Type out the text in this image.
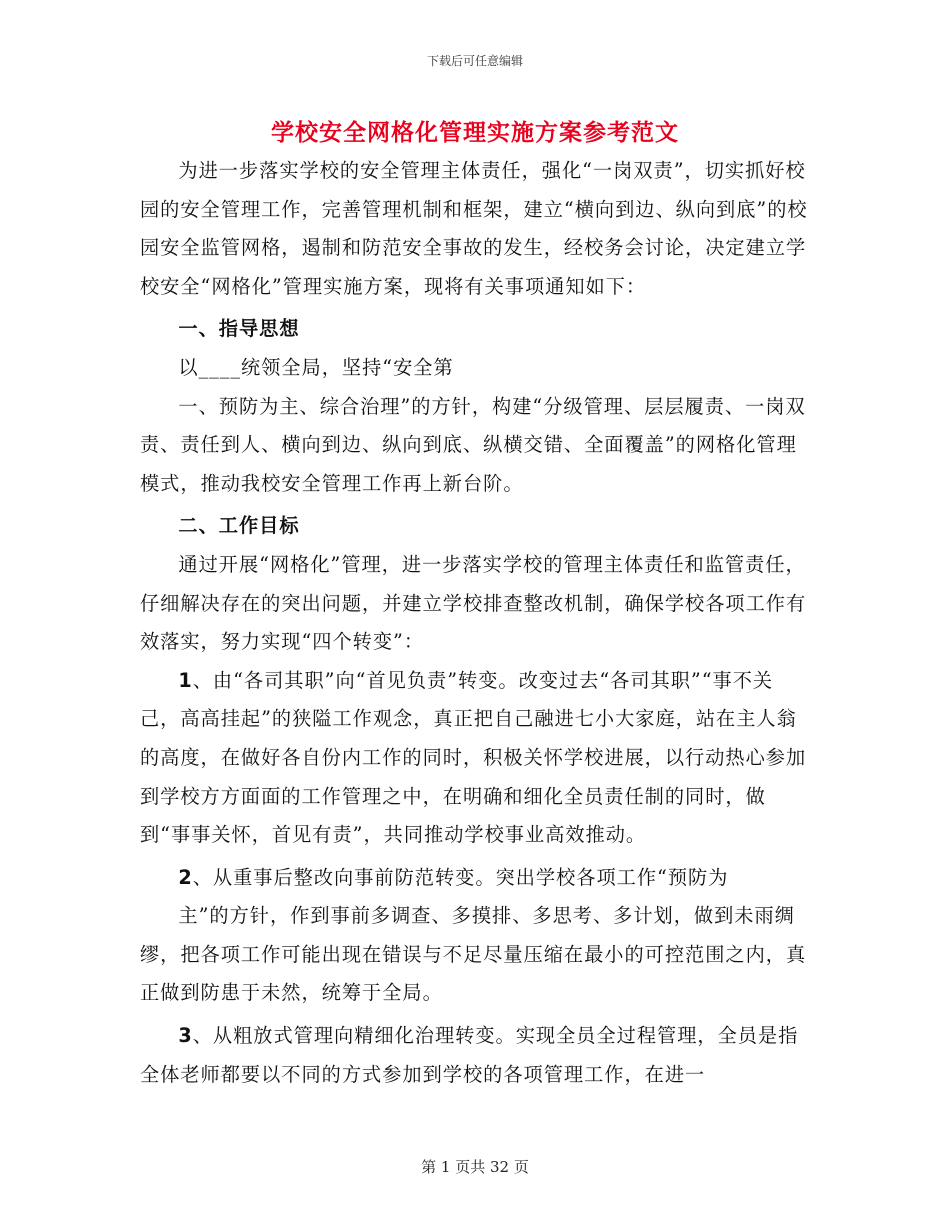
下载后可任意编辑
学校安全网格化管理实施方案参考范文

为进一步落实学校的安全管理主体责任，强化“一岗双责”，切实抓好校园的安全管理工作，完善管理机制和框架，建立“横向到边、纵向到底”的校园安全监管网格，遏制和防范安全事故的发生，经校务会讨论，决定建立学校安全“网格化”管理实施方案，现将有关事项通知如下：

一、指导思想

以____统领全局，坚持“安全第

一、预防为主、综合治理”的方针，构建“分级管理、层层履责、一岗双责、责任到人、横向到边、纵向到底、纵横交错、全面覆盖”的网格化管理模式，推动我校安全管理工作再上新台阶。

二、工作目标

通过开展“网格化”管理，进一步落实学校的管理主体责任和监管责任，仔细解决存在的突出问题，并建立学校排查整改机制，确保学校各项工作有效落实，努力实现“四个转变”：

1、由“各司其职”向“首见负责”转变。改变过去“各司其职”“事不关己，高高挂起”的狭隘工作观念，真正把自己融进七小大家庭，站在主人翁的高度，在做好各自份内工作的同时，积极关怀学校进展，以行动热心参加到学校方方面面的工作管理之中，在明确和细化全员责任制的同时，做到“事事关怀，首见有责”，共同推动学校事业高效推动。

2、从重事后整改向事前防范转变。突出学校各项工作“预防为

主”的方针，作到事前多调查、多摸排、多思考、多计划，做到未雨绸缪，把各项工作可能出现在错误与不足尽量压缩在最小的可控范围之内，真正做到防患于未然，统筹于全局。

3、从粗放式管理向精细化治理转变。实现全员全过程管理，全员是指全体老师都要以不同的方式参加到学校的各项管理工作，在进一

第 1 页共 32 页
